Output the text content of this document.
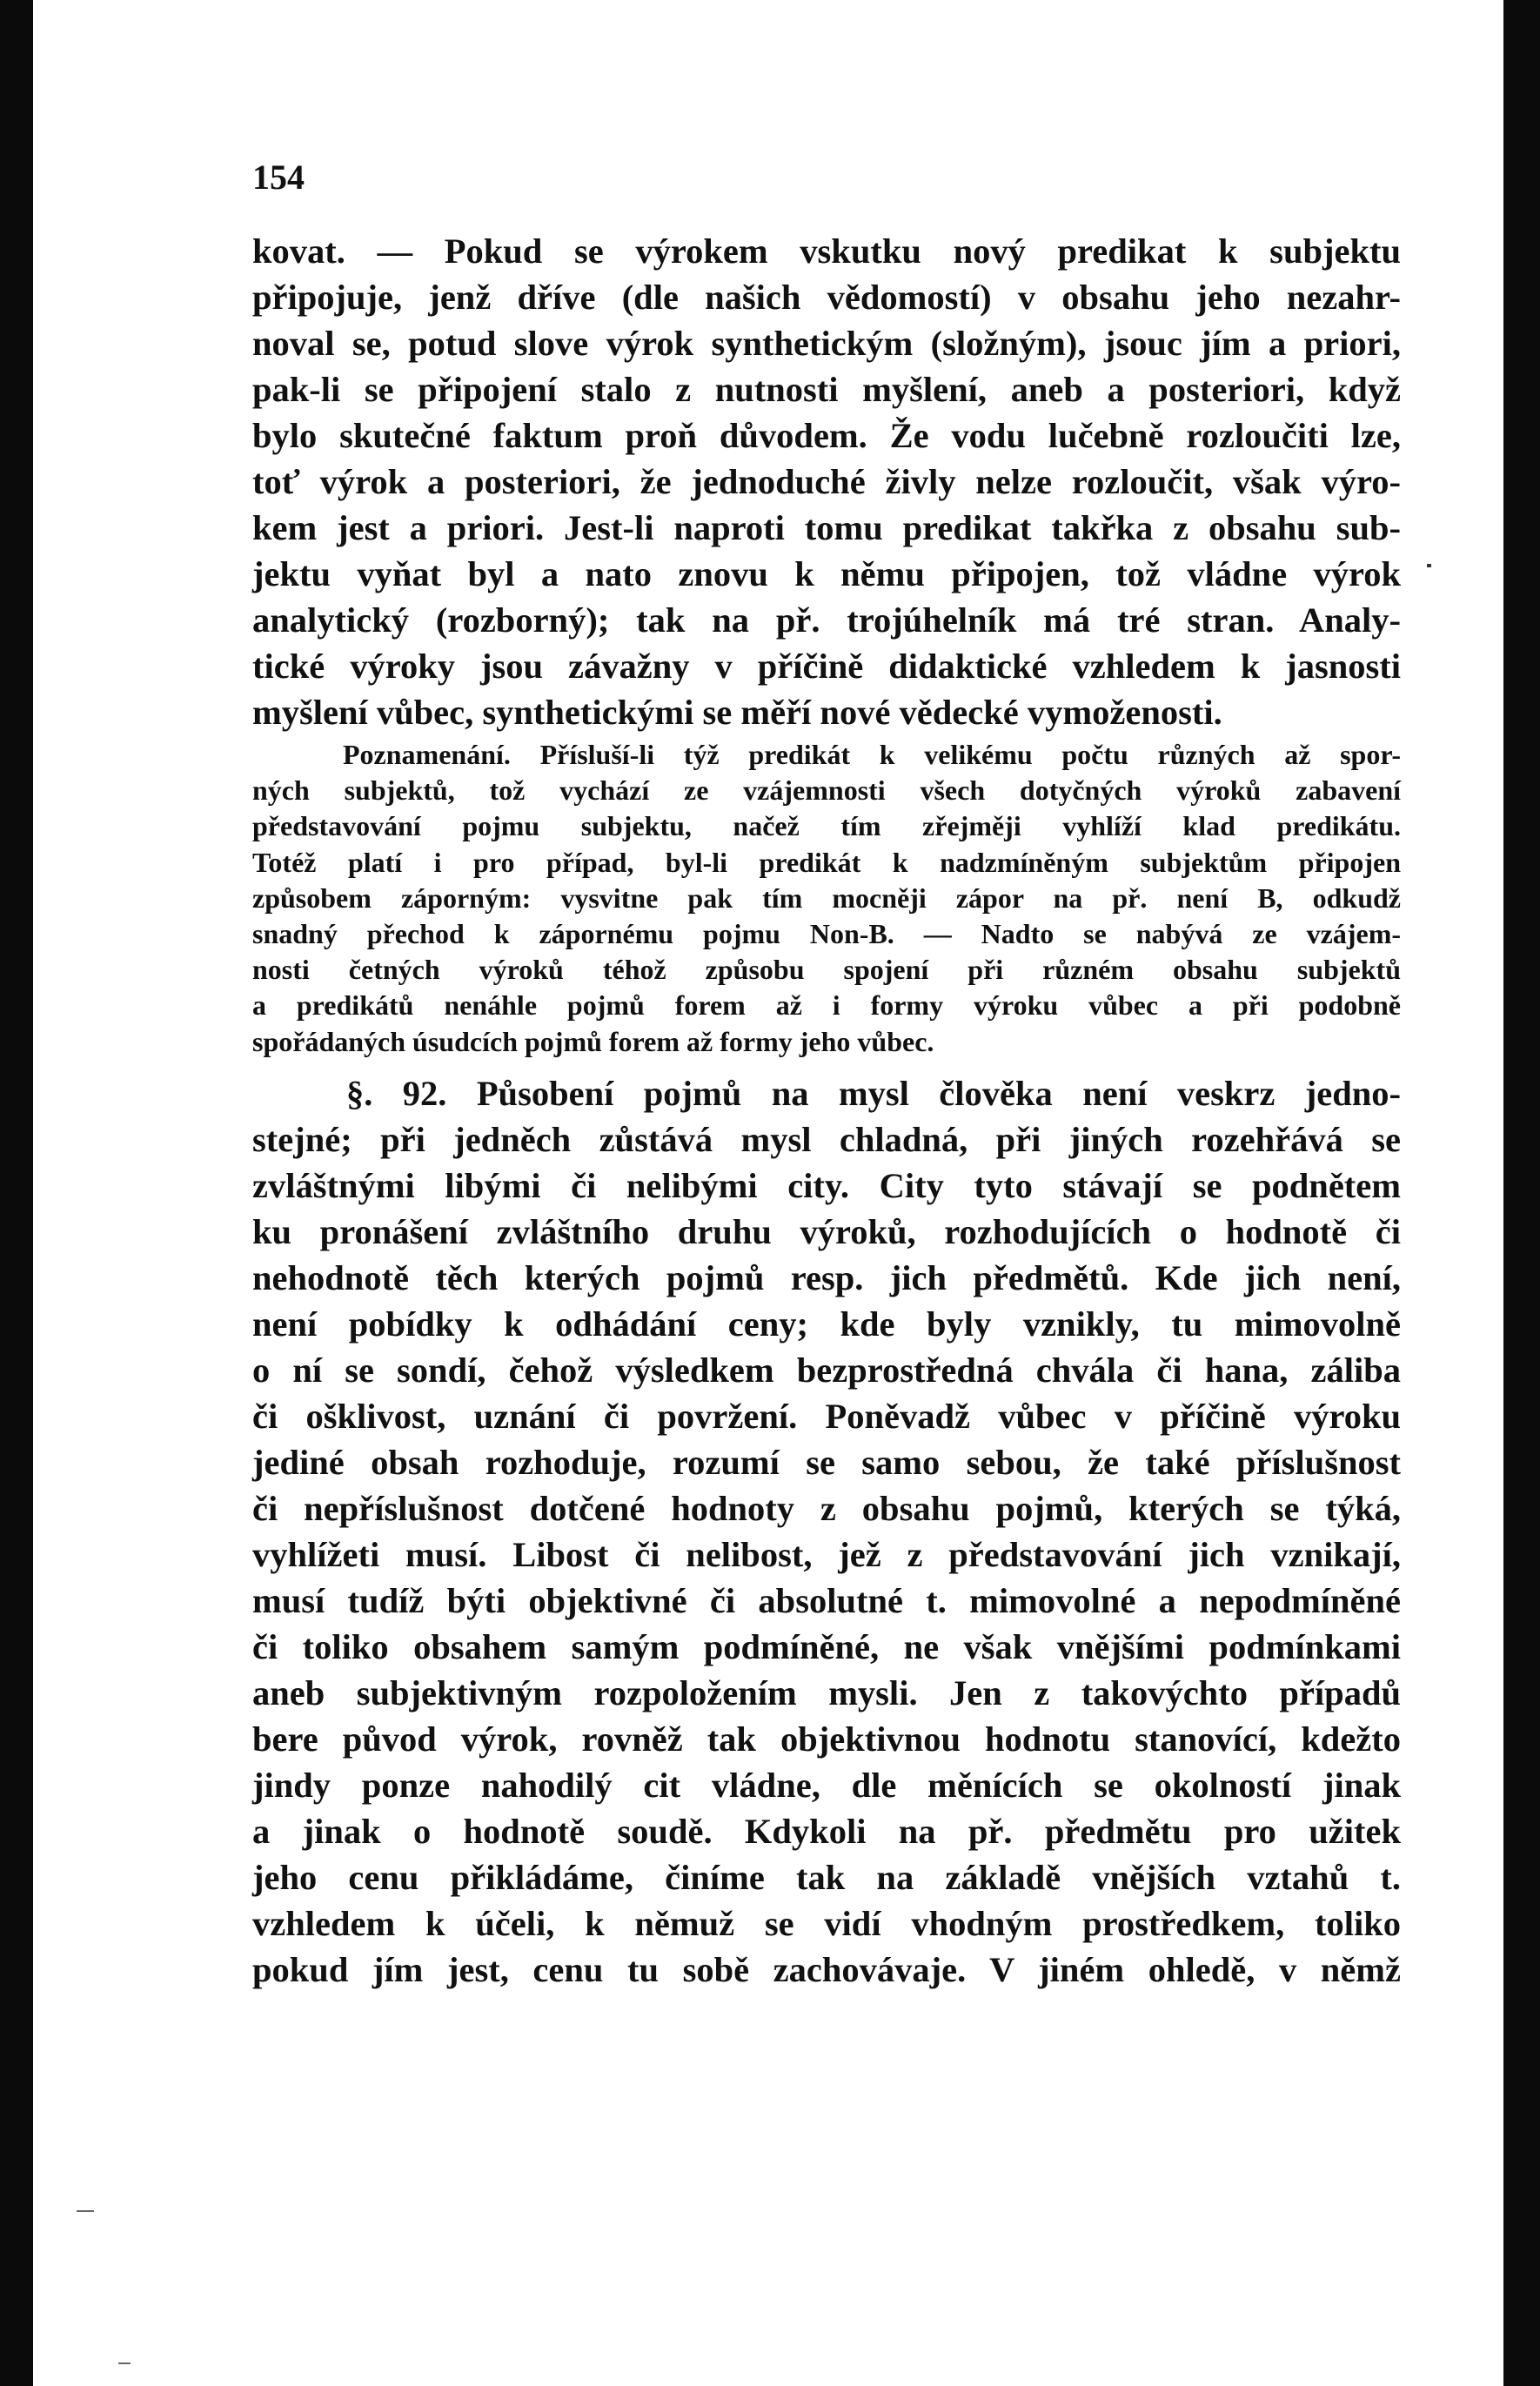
154

kovat. — Pokud se výrokem vskutku nový predikat k subjektu
připojuje, jenž dříve (dle našich vědomostí) v obsahu jeho nezahr-
noval se, potud slove výrok synthetickým (složným), jsouc jím a priori,
pak-li se připojení stalo z nutnosti myšlení, aneb a posteriori, když
bylo skutečné faktum proň důvodem. Že vodu lučebně rozloučiti lze,
toť výrok a posteriori, že jednoduché živly nelze rozloučit, však výro-
kem jest a priori. Jest-li naproti tomu predikat takřka z obsahu sub-
jektu vyňat byl a nato znovu k němu připojen, tož vládne výrok
analytický (rozborný); tak na př. trojúhelník má tré stran. Analy-
tické výroky jsou závažny v příčině didaktické vzhledem k jasnosti
myšlení vůbec, synthetickými se měří nové vědecké vymoženosti.

Poznamenání. Přísluší-li týž predikát k velikému počtu různých až spor-
ných subjektů, tož vychází ze vzájemnosti všech dotyčných výroků zabavení
představování pojmu subjektu, načež tím zřejměji vyhlíží klad predikátu.
Totéž platí i pro případ, byl-li predikát k nadzmíněným subjektům připojen
způsobem záporným: vysvitne pak tím mocněji zápor na př. není B, odkudž
snadný přechod k zápornému pojmu Non-B. — Nadto se nabývá ze vzájem-
nosti četných výroků téhož způsobu spojení při různém obsahu subjektů
a predikátů nenáhle pojmů forem až i formy výroku vůbec a při podobně
spořádaných úsudcích pojmů forem až formy jeho vůbec.

§. 92. Působení pojmů na mysl člověka není veskrz jedno-
stejné; při jedněch zůstává mysl chladná, při jiných rozehřává se
zvláštnými libými či nelibými city. City tyto stávají se podnětem
ku pronášení zvláštního druhu výroků, rozhodujících o hodnotě či
nehodnotě těch kterých pojmů resp. jich předmětů. Kde jich není,
není pobídky k odhádání ceny; kde byly vznikly, tu mimovolně
o ní se sondí, čehož výsledkem bezprostředná chvála či hana, záliba
či ošklivost, uznání či povržení. Poněvadž vůbec v příčině výroku
jediné obsah rozhoduje, rozumí se samo sebou, že také příslušnost
či nepříslušnost dotčené hodnoty z obsahu pojmů, kterých se týká,
vyhlížeti musí. Libost či nelibost, jež z představování jich vznikají,
musí tudíž býti objektivné či absolutné t. mimovolné a nepodmíněné
či toliko obsahem samým podmíněné, ne však vnějšími podmínkami
aneb subjektivným rozpoložením mysli. Jen z takovýchto případů
bere původ výrok, rovněž tak objektivnou hodnotu stanovící, kdežto
jindy ponze nahodilý cit vládne, dle měnících se okolností jinak
a jinak o hodnotě soudě. Kdykoli na př. předmětu pro užitek
jeho cenu přikládáme, činíme tak na základě vnějších vztahů t.
vzhledem k účeli, k němuž se vidí vhodným prostředkem, toliko
pokud jím jest, cenu tu sobě zachovávaje. V jiném ohledě, v němž
